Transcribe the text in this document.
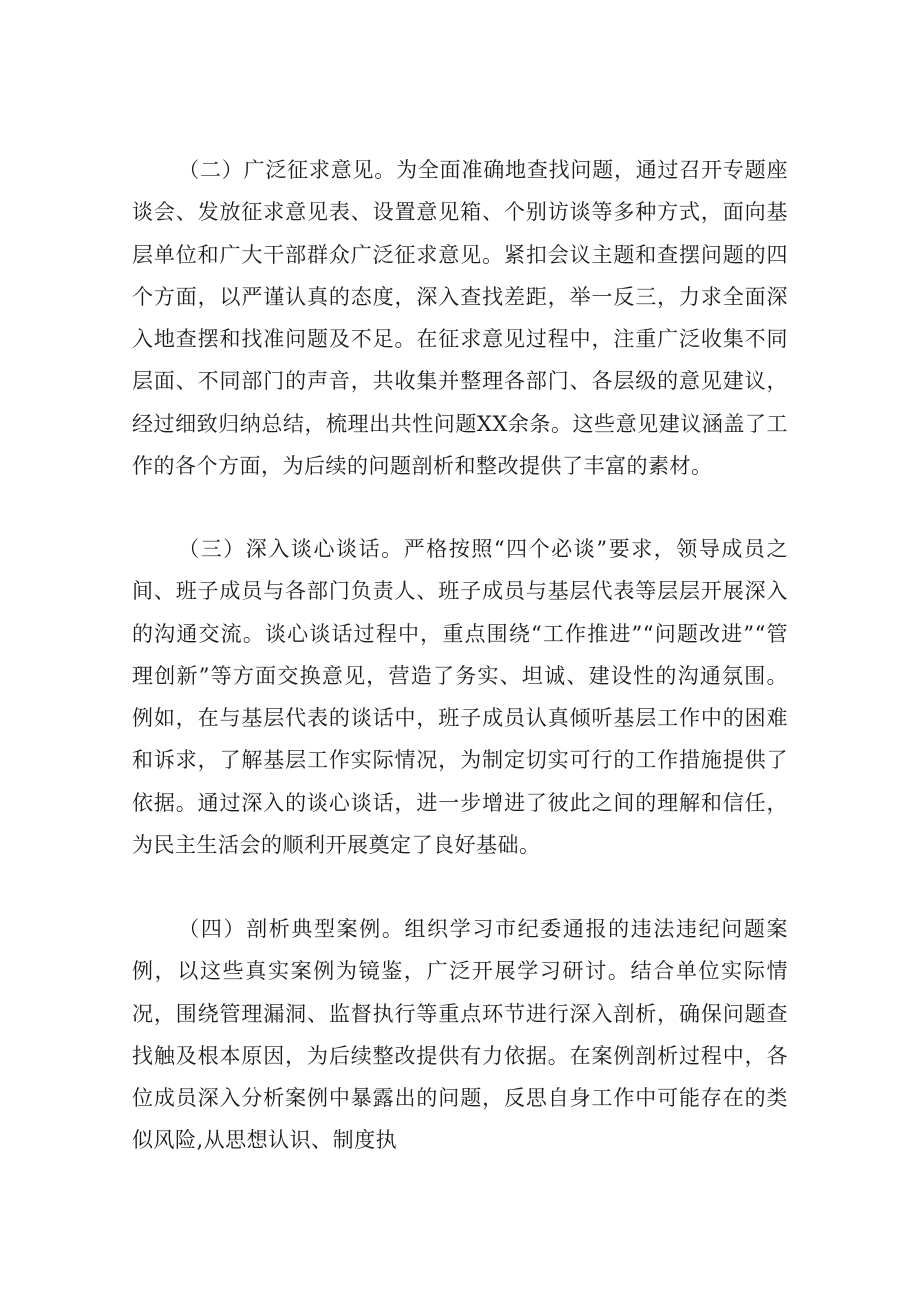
（二）广泛征求意见。为全面准确地查找问题，通过召开专题座谈会、发放征求意见表、设置意见箱、个别访谈等多种方式，面向基层单位和广大干部群众广泛征求意见。紧扣会议主题和查摆问题的四个方面，以严谨认真的态度，深入查找差距，举一反三，力求全面深入地查摆和找准问题及不足。在征求意见过程中，注重广泛收集不同层面、不同部门的声音，共收集并整理各部门、各层级的意见建议，经过细致归纳总结，梳理出共性问题XX余条。这些意见建议涵盖了工作的各个方面，为后续的问题剖析和整改提供了丰富的素材。

（三）深入谈心谈话。严格按照“四个必谈”要求，领导成员之间、班子成员与各部门负责人、班子成员与基层代表等层层开展深入的沟通交流。谈心谈话过程中，重点围绕“工作推进”“问题改进”“管理创新”等方面交换意见，营造了务实、坦诚、建设性的沟通氛围。例如，在与基层代表的谈话中，班子成员认真倾听基层工作中的困难和诉求，了解基层工作实际情况，为制定切实可行的工作措施提供了依据。通过深入的谈心谈话，进一步增进了彼此之间的理解和信任，为民主生活会的顺利开展奠定了良好基础。

（四）剖析典型案例。组织学习市纪委通报的违法违纪问题案例，以这些真实案例为镜鉴，广泛开展学习研讨。结合单位实际情况，围绕管理漏洞、监督执行等重点环节进行深入剖析，确保问题查找触及根本原因，为后续整改提供有力依据。在案例剖析过程中，各位成员深入分析案例中暴露出的问题，反思自身工作中可能存在的类似风险,从思想认识、制度执
